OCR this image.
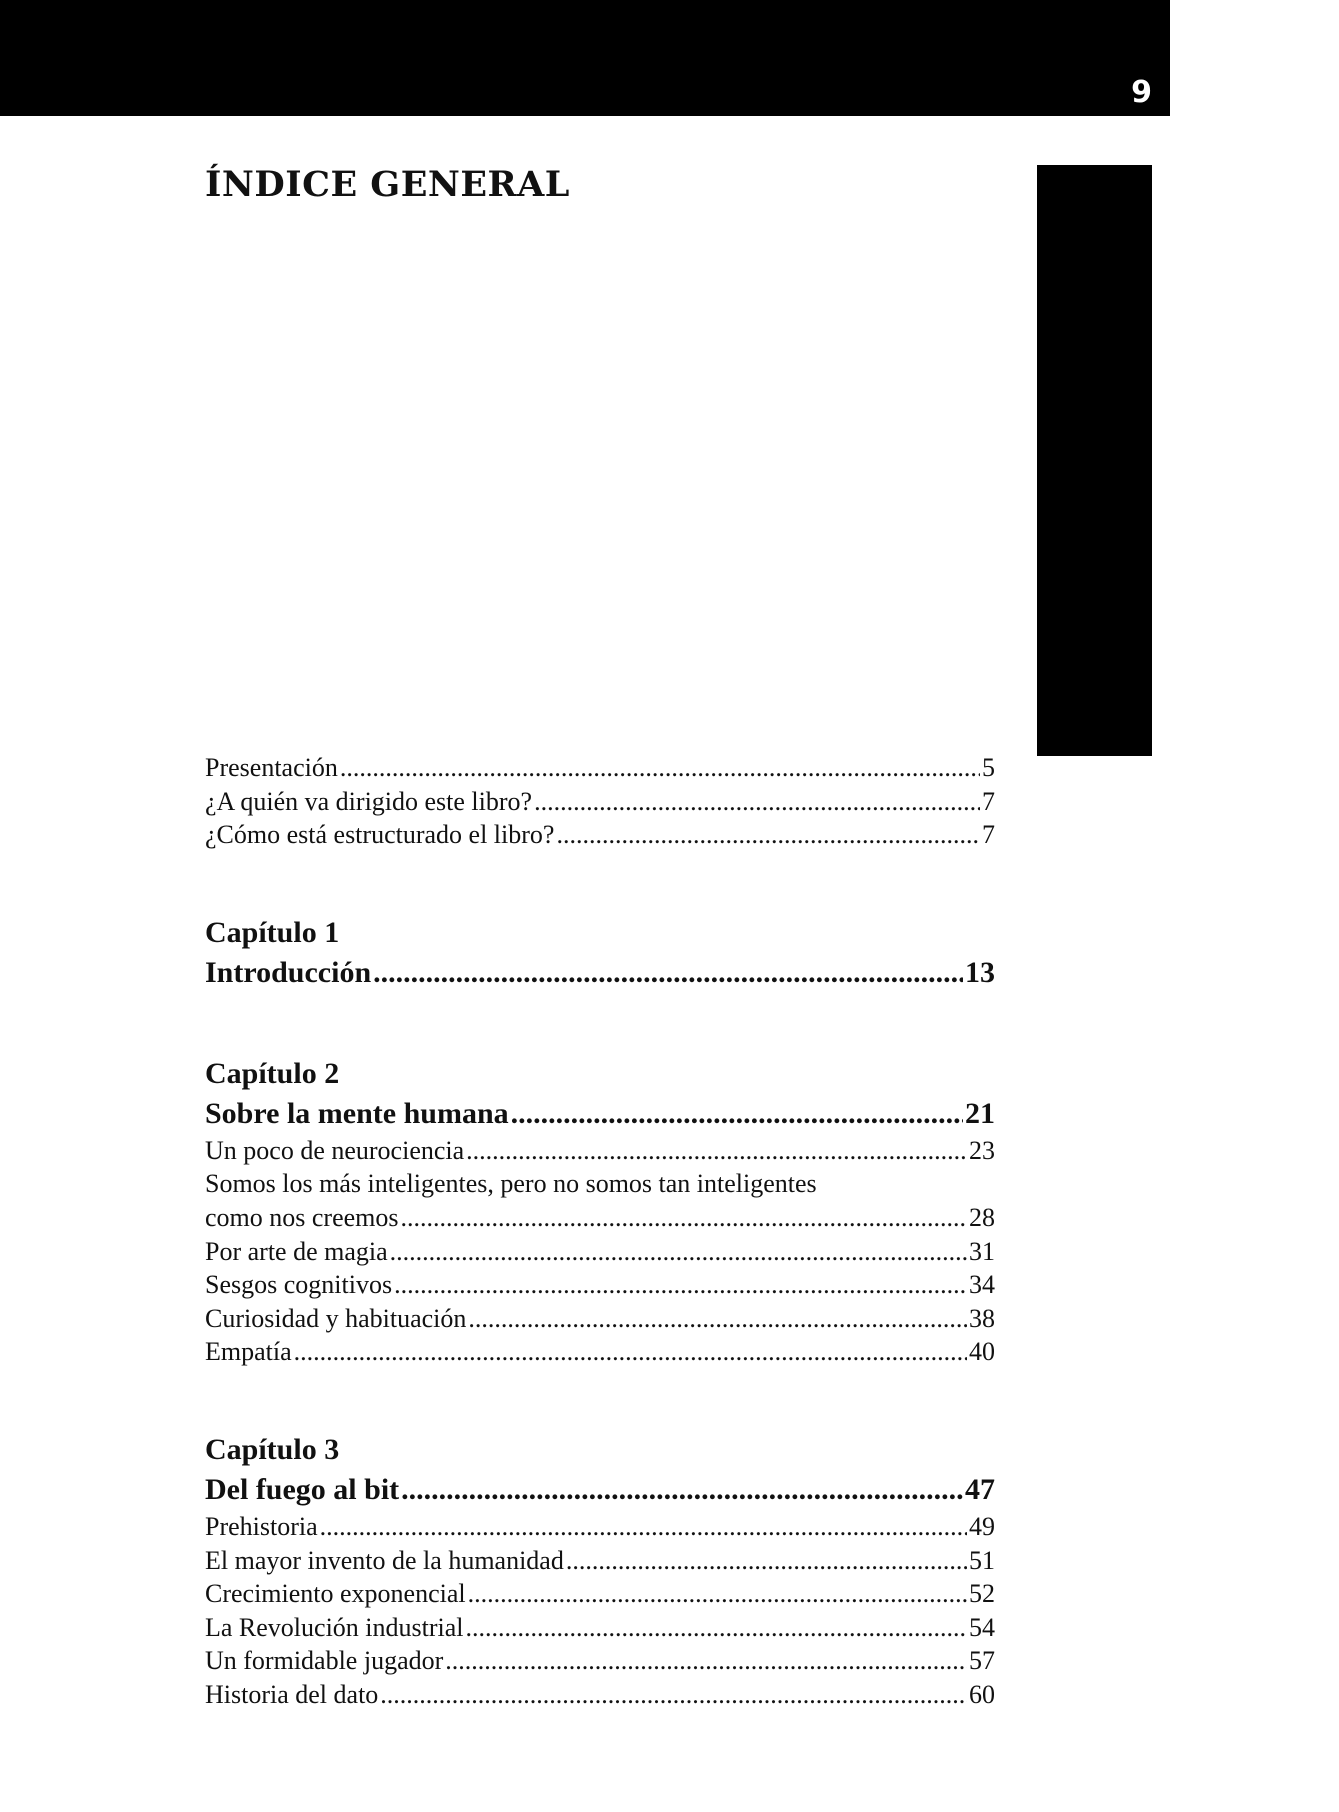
9
ÍNDICE GENERAL
Presentación .....	5
¿A quién va dirigido este libro? .....	7
¿Cómo está estructurado el libro? .....	7
Capítulo 1
Introducción .....	13
Capítulo 2
Sobre la mente humana .....	21
Un poco de neurociencia .....	23
Somos los más inteligentes, pero no somos tan inteligentes
como nos creemos .....	28
Por arte de magia .....	31
Sesgos cognitivos .....	34
Curiosidad y habituación .....	38
Empatía .....	40
Capítulo 3
Del fuego al bit .....	47
Prehistoria .....	49
El mayor invento de la humanidad .....	51
Crecimiento exponencial .....	52
La Revolución industrial .....	54
Un formidable jugador .....	57
Historia del dato .....	60
